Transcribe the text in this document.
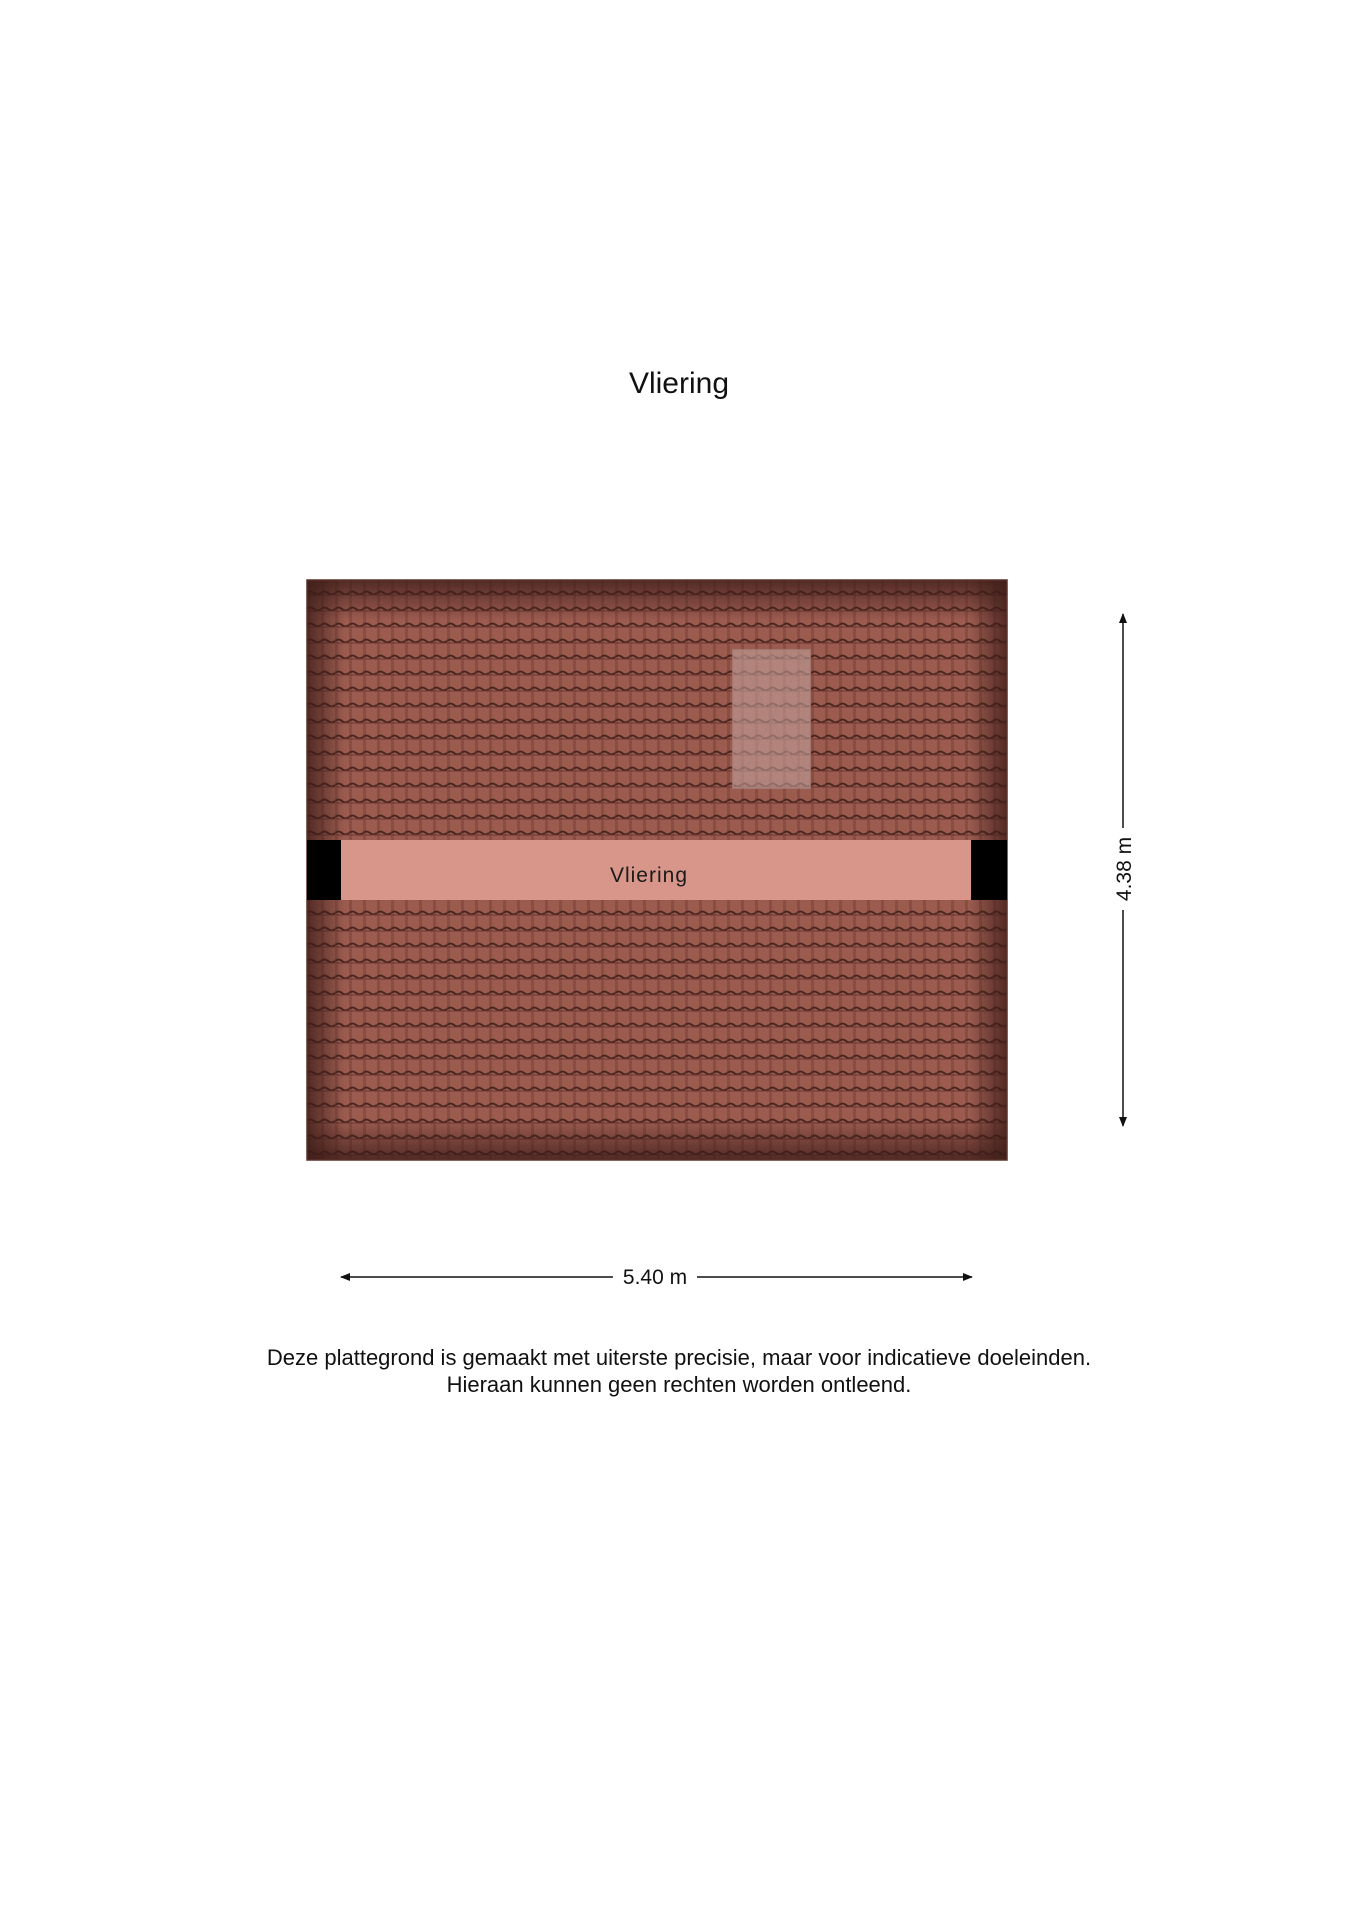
Vliering
Vliering	4.38 m
5.40 m
Deze plattegrond is gemaakt met uiterste precisie, maar voor indicatieve doeleinden.
Hieraan kunnen geen rechten worden ontleend.
